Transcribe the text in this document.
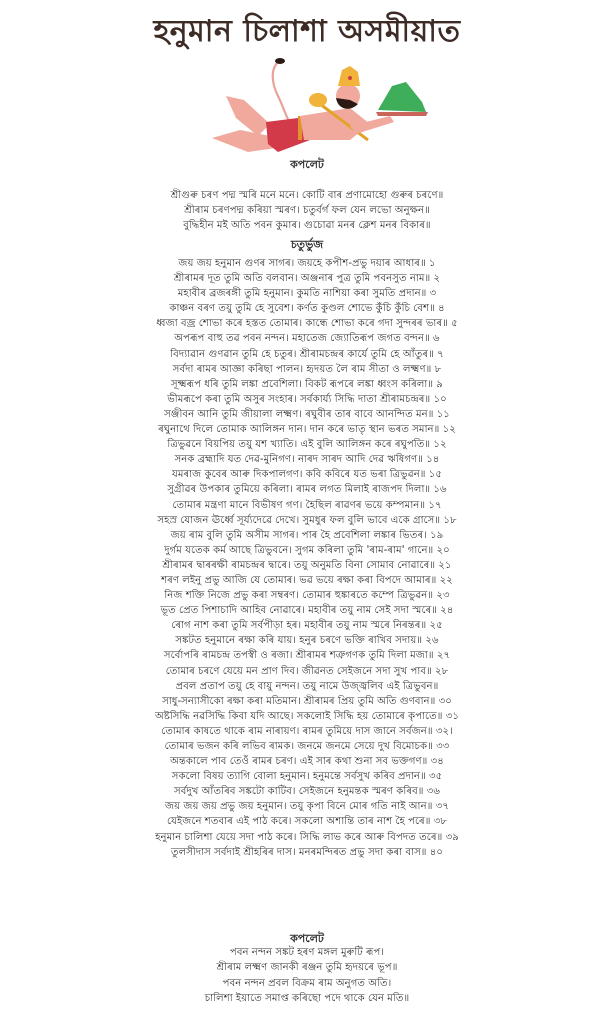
হনুমান চিলাশা অসমীয়াত
কপলেট
শ্ৰীগুৰু চৰণ পদ্ম স্মৰি মনে মনে। কোটি বাৰ প্ৰণামোহো গুৰুৰ চৰণে॥
শ্ৰীৰাম চৰণপদ্ম কৰিয়া স্মৰণ। চতুৰ্বৰ্গ ফল যেন লভো অনুক্ষন॥
বুদ্ধিহীন মই অতি পবন কুমাৰ। গুচোৱা মনৰ ক্লেশ মনৰ বিকাৰ॥
চতুৰ্ভুজ
জয় জয় হনুমান গুণৰ সাগৰ। জয়হে কপীশ-প্ৰভু দয়াৰ আধাৰ॥ ১
শ্ৰীৰামৰ দূত তুমি অতি বলবান। অঞ্জনাৰ পুত্ৰ তুমি পবনসুত নাম॥ ২
মহাবীৰ ব্ৰজৰঙ্গী তুমি হনুমান। কুমতি নাশিয়া কৰা সুমতি প্ৰদান॥ ৩
কাঞ্চন বৰণ তয়ু তুমি হে সুবেশ। কৰ্ণত কুণ্ডল শোভে কুঁচি কুঁচি বেশ॥ ৪
ধ্বজা বজ্ৰ শোভা কৰে হস্তত তোমাৰ। কান্ধে শোভা কৰে গদা সুন্দৰৰ ভাৰ॥ ৫
অপৰূপ বাহু তৱ পবন নন্দন। মহাতেজ জ্যোতিৰূপ জগত বন্দন॥ ৬
বিদ্যাৱান গুণৱান তুমি হে চতুৰ। শ্ৰীৰামচন্দ্ৰৰ কাৰ্যে তুমি হে আঁতুৰ॥ ৭
সৰ্বদা ৰামৰ আজ্ঞা কৰিছা পালন। হৃদয়ত লৈ ৰাম সীতা ও লক্ষ্মণ॥ ৮
সূক্ষ্মৰূপ ধৰি তুমি লঙ্কা প্ৰবেশিলা। বিকট ৰূপৰে লঙ্কা ধ্বংস কৰিলা॥ ৯
ভীমৰূপে কৰা তুমি অসুৰ সংহাৰ। সৰ্বকাৰ্য্য সিদ্ধি দাতা শ্ৰীৰামচন্দ্ৰৰ॥ ১০
সঞ্জীবন আনি তুমি জীয়ালা লক্ষ্মণ। ৰঘুবীৰ তাৰ বাবে আনন্দিত মন॥ ১১
ৰঘুনাথে দিলে তোমাক আলিঙ্গন দান। দান কৰে ভাতৃ স্থান ভৰত সমান॥ ১২
ত্ৰিভুৱনে বিয়পিয় তয়ু যশ খ্যাতি। এই বুলি আলিঙ্গন কৰে ৰঘুপতি॥ ১২
সনক ব্ৰহ্মাদি যত দেৱ-মুনিগণ। নাৰদ সাৰদ আদি দেৱ ঋষিগণ॥ ১৪
যমৰাজ কুবেৰ আৰু দিকপালগণ। কবি কবিৰে যত ভৰা ত্ৰিভুৱন॥ ১৫
সুগ্ৰীৱৰ উপকাৰ তুমিয়ে কৰিলা। ৰামৰ লগত মিলাই ৰাজপদ দিলা॥ ১৬
তোমাৰ মন্ত্ৰণা মানে বিভীষণ গণ। হৈছিল ৰাৱণৰ ভয়ে কম্পমান॥ ১৭
সহস্ৰ যোজন ঊৰ্ধ্বে সূৰ্য্যদেৱে দেখে। সুমধুৰ ফল বুলি ভাবে একে গ্ৰাসে॥ ১৮
জয় ৰাম বুলি তুমি অসীম সাগৰ। পাৰ হৈ প্ৰবেশিলা লঙ্কাৰ ভিতৰ। ১৯
দুৰ্গম যতেক কৰ্ম আছে ত্ৰিভুবনে। সুগম কৰিলা তুমি 'ৰাম-ৰাম' গানে॥ ২০
শ্ৰীৰামৰ দ্বাৰৰক্ষী ৰামচন্দ্ৰৰ দ্বাৰে। তয়ু অনুমতি বিনা সোমাব নোৱাৰে॥ ২১
শৰণ লইনু প্ৰভু আজি যে তোমাৰ। ভৱ ভয়ে ৰক্ষা কৰা বিপদে আমাৰ॥ ২২
নিজ শক্তি নিজে প্ৰভু কৰা সম্বৰণ। তোমাৰ হুঙ্কাৰতে কম্পে ত্ৰিভুৱন॥ ২৩
ভূত প্ৰেত পিশাচাদি আহিব নোৱাৰে। মহাবীৰ তয়ু নাম সেই সদা স্মৰে॥ ২৪
ৰোগ নাশ কৰা তুমি সৰ্বপীড়া হৰ। মহাবীৰ তয়ু নাম স্মৰে নিৰন্তৰ॥ ২৫
সঙ্কটত হনুমানে ৰক্ষা কৰি যায়। হনুৰ চৰণে ভক্তি ৰাখিব সদায়॥ ২৬
সৰ্বোপৰি ৰামচন্দ্ৰ তপস্বী ও ৰজা। শ্ৰীৰামৰ শত্ৰুগণক তুমি দিলা মজা॥ ২৭
তোমাৰ চৰণে যেয়ে মন প্ৰাণ দিব। জীৱনত সেইজনে সদা সুখ পাব॥ ২৮
প্ৰবল প্ৰতাপ তয়ু হে বায়ু নন্দন। তয়ু নামে উজ্জ্বলিব এই ত্ৰিভুবন॥
সাধু-সন্যাসীকো ৰক্ষা কৰা মতিমান। শ্ৰীৰামৰ প্ৰিয় তুমি অতি গুণবান॥ ৩০
অষ্টসিদ্ধি নৱসিদ্ধি কিবা যদি আছে। সকলোই সিদ্ধি হয় তোমাৰে কৃপাতে॥ ৩১
তোমাৰ কাষতে থাকে ৰাম নাৰায়ণ। ৰামৰ তুমিয়ে দাস জানে সৰ্বজন॥ ৩২।
তোমাৰ ভজন কৰি লভিব ৰামক। জনমে জনমে সেয়ে দুখ বিমোচক॥ ৩৩
অন্তকালে পাব তেওঁ ৰামৰ চৰণ। এই সাৰ কথা শুনা সব ভক্তগণ॥ ৩৪
সকলো বিষয় ত্যাগি বোলা হনুমান। হনুমন্তে সৰ্বসুখ কৰিব প্ৰদান॥ ৩৫
সৰ্বদুখ আঁতৰিব সঙ্কটো কাটিব। সেইজনে হনুমন্তক স্মৰণ কৰিব॥ ৩৬
জয় জয় জয় প্ৰভু জয় হনুমান। তয়ু কৃপা বিনে মোৰ গতি নাই আন॥ ৩৭
যেইজনে শতবাৰ এই পাঠ কৰে। সকলো অশান্তি তাৰ নাশ হৈ পৰে॥ ৩৮
হনুমান চালিশা যেয়ে সদা পাঠ কৰে। সিদ্ধি লাভ কৰে আৰু বিপদত তৰে॥ ৩৯
তুলসীদাস সৰ্বদাই শ্ৰীহৰিৰ দাস। মনৰমন্দিৰত প্ৰভু সদা কৰা বাস॥ ৪০
কপলেট
পবন নন্দন সঙ্কট হৰণ মঙ্গল মুৰুটি ৰূপ।
শ্ৰীৰাম লক্ষ্মণ জানকী ৰঞ্জন তুমি হৃদয়ৰে ভূপ॥
পবন নন্দন প্ৰবল বিক্ৰম ৰাম অনুগত অতি।
চালিশা ইয়াতে সমাপ্ত কৰিছো পদে থাকে যেন মতি॥
